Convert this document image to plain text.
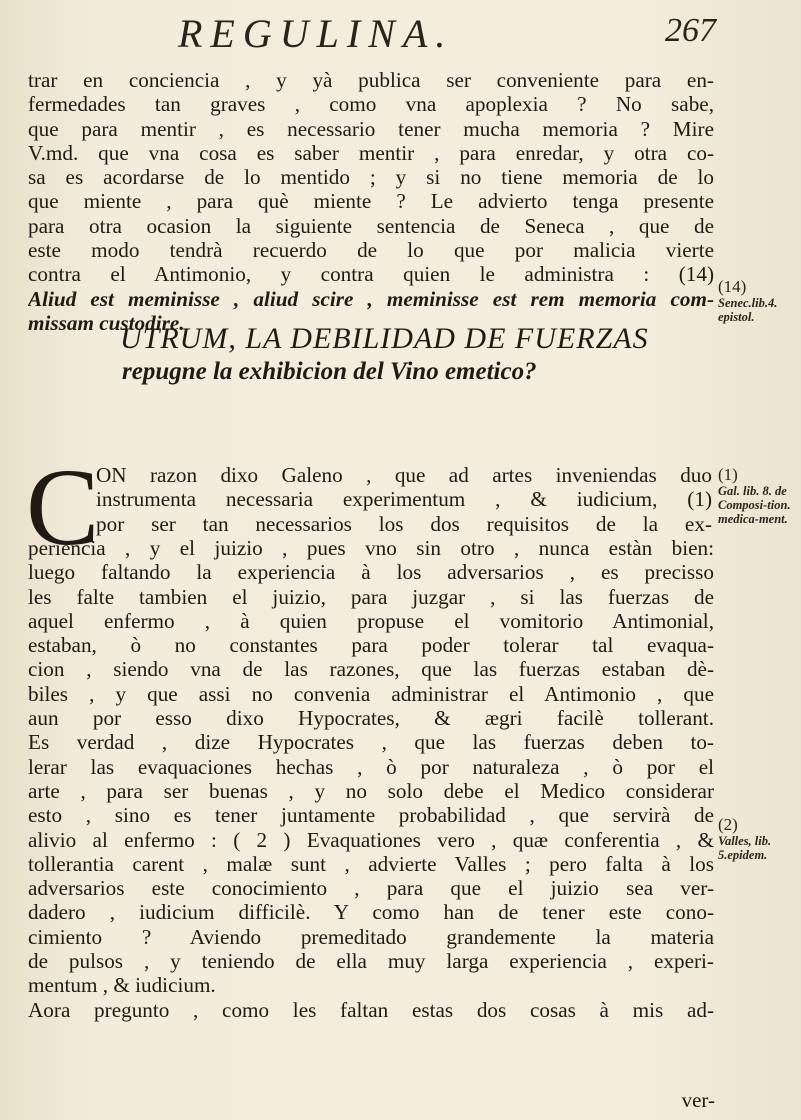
REGULINA.	267
trar en conciencia , y yà publica ser conveniente para en-
fermedades tan graves , como vna apoplexia ? No sabe,
que para mentir , es necessario tener mucha memoria ? Mire
V.md. que vna cosa es saber mentir , para enredar, y otra co-
sa es acordarse de lo mentido ; y si no tiene memoria de lo
que miente , para què miente ? Le advierto tenga presente
para otra ocasion la siguiente sentencia de Seneca , que de
este modo tendrà recuerdo de lo que por malicia vierte
contra el Antimonio, y contra quien le administra : (14)
Aliud est meminisse , aliud scire , meminisse est rem memoria com-
missam custodire.
(14)
Senec.lib.4. epistol.
UTRUM, LA DEBILIDAD DE FUERZAS
repugne la exhibicion del Vino emetico?
C
ON razon dixo Galeno , que ad artes inveniendas duo
instrumenta necessaria experimentum , & iudicium, (1)
por ser tan necessarios los dos requisitos de la ex-
periencia , y el juizio , pues vno sin otro , nunca estàn bien:
luego faltando la experiencia à los adversarios , es precisso
les falte tambien el juizio, para juzgar , si las fuerzas de
aquel enfermo , à quien propuse el vomitorio Antimonial,
estaban, ò no constantes para poder tolerar tal evaqua-
cion , siendo vna de las razones, que las fuerzas estaban dè-
biles , y que assi no convenia administrar el Antimonio , que
aun por esso dixo Hypocrates, & ægri facilè tollerant.
Es verdad , dize Hypocrates , que las fuerzas deben to-
lerar las evaquaciones hechas , ò por naturaleza , ò por el
arte , para ser buenas , y no solo debe el Medico considerar
esto , sino es tener juntamente probabilidad , que servirà de
alivio al enfermo : ( 2 ) Evaquationes vero , quæ conferentia , &
tollerantia carent , malæ sunt , advierte Valles ; pero falta à los
adversarios este conocimiento , para que el juizio sea ver-
dadero , iudicium difficilè. Y como han de tener este cono-
cimiento ? Aviendo premeditado grandemente la materia
de pulsos , y teniendo de ella muy larga experiencia , experi-
mentum , & iudicium.
Aora pregunto , como les faltan estas dos cosas à mis ad-
(1)
Gal. lib. 8. de Composi-tion. medica-ment.
(2)
Valles, lib. 5.epidem.
ver-
